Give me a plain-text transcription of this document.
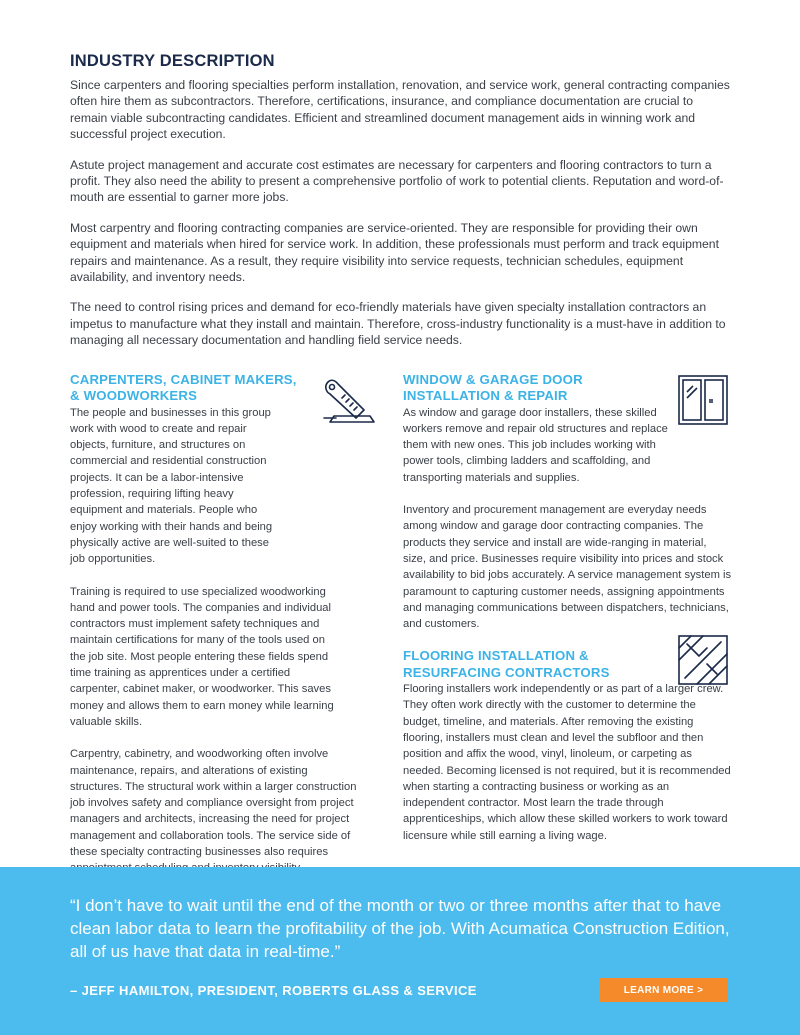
INDUSTRY DESCRIPTION

Since carpenters and flooring specialties perform installation, renovation, and service work, general contracting companies often hire them as subcontractors. Therefore, certifications, insurance, and compliance documentation are crucial to remain viable subcontracting candidates. Efficient and streamlined document management aids in winning work and successful project execution.

Astute project management and accurate cost estimates are necessary for carpenters and flooring contractors to turn a profit. They also need the ability to present a comprehensive portfolio of work to potential clients. Reputation and word-of-mouth are essential to garner more jobs.

Most carpentry and flooring contracting companies are service-oriented. They are responsible for providing their own equipment and materials when hired for service work. In addition, these professionals must perform and track equipment repairs and maintenance. As a result, they require visibility into service requests, technician schedules, equipment availability, and inventory needs.

The need to control rising prices and demand for eco-friendly materials have given specialty installation contractors an impetus to manufacture what they install and maintain. Therefore, cross-industry functionality is a must-have in addition to managing all necessary documentation and handling field service needs.

CARPENTERS, CABINET MAKERS,
& WOODWORKERS

The people and businesses in this group work with wood to create and repair objects, furniture, and structures on commercial and residential construction projects. It can be a labor-intensive profession, requiring lifting heavy equipment and materials. People who enjoy working with their hands and being physically active are well-suited to these job opportunities.

Training is required to use specialized woodworking hand and power tools. The companies and individual contractors must implement safety techniques and maintain certifications for many of the tools used on the job site. Most people entering these fields spend time training as apprentices under a certified carpenter, cabinet maker, or woodworker. This saves money and allows them to earn money while learning valuable skills.

Carpentry, cabinetry, and woodworking often involve maintenance, repairs, and alterations of existing structures. The structural work within a larger construction job involves safety and compliance oversight from project managers and architects, increasing the need for project management and collaboration tools. The service side of these specialty contracting businesses also requires

WINDOW & GARAGE DOOR
INSTALLATION & REPAIR

As window and garage door installers, these skilled workers remove and repair old structures and replace them with new ones. This job includes working with power tools, climbing ladders and scaffolding, and transporting materials and supplies.

Inventory and procurement management are everyday needs among window and garage door contracting companies. The products they service and install are wide-ranging in material, size, and price. Businesses require visibility into prices and stock availability to bid jobs accurately. A service management system is paramount to capturing customer needs, assigning appointments and managing communications between dispatchers, technicians, and customers.

FLOORING INSTALLATION &
RESURFACING CONTRACTORS

Flooring installers work independently or as part of a larger crew. They often work directly with the customer to determine the budget, timeline, and materials. After removing the existing flooring, installers must clean and level the subfloor and then position and affix the wood, vinyl, linoleum, or carpeting as needed. Becoming licensed is not required, but it is recommended when starting a contracting business or working as an independent contractor. Most learn the trade through apprenticeships, which allow these skilled workers to work toward licensure while still earning a living wage.

“I don’t have to wait until the end of the month or two or three months after that to have clean labor data to learn the profitability of the job. With Acumatica Construction Edition, all of us have that data in real-time.”
– JEFF HAMILTON, PRESIDENT, ROBERTS GLASS & SERVICE	LEARN MORE >
